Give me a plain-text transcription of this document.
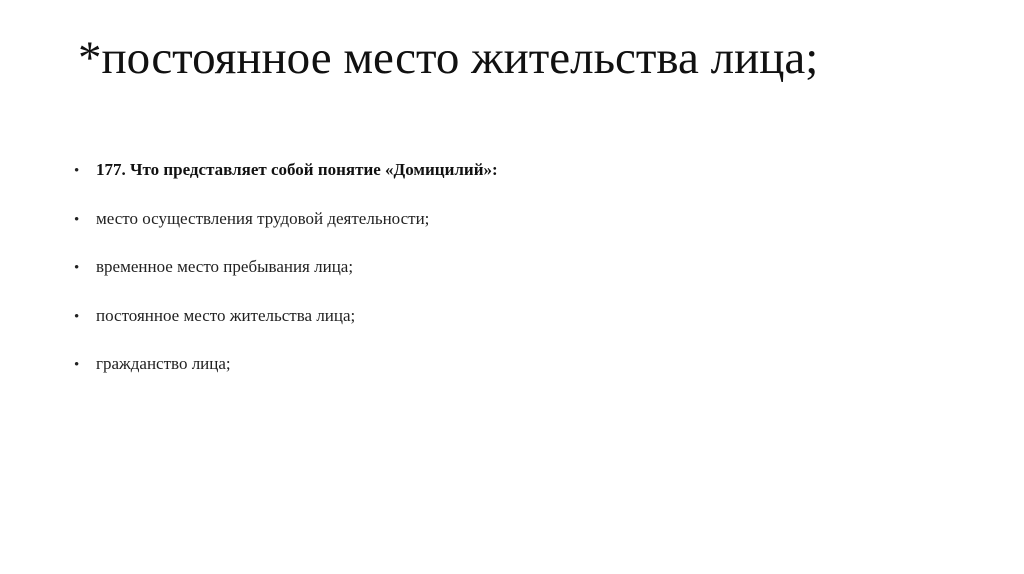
*постоянное место жительства лица;
• 177. Что представляет собой понятие «Домицилий»:
• место осуществления трудовой деятельности;
• временное место пребывания лица;
• постоянное место жительства лица;
• гражданство лица;
